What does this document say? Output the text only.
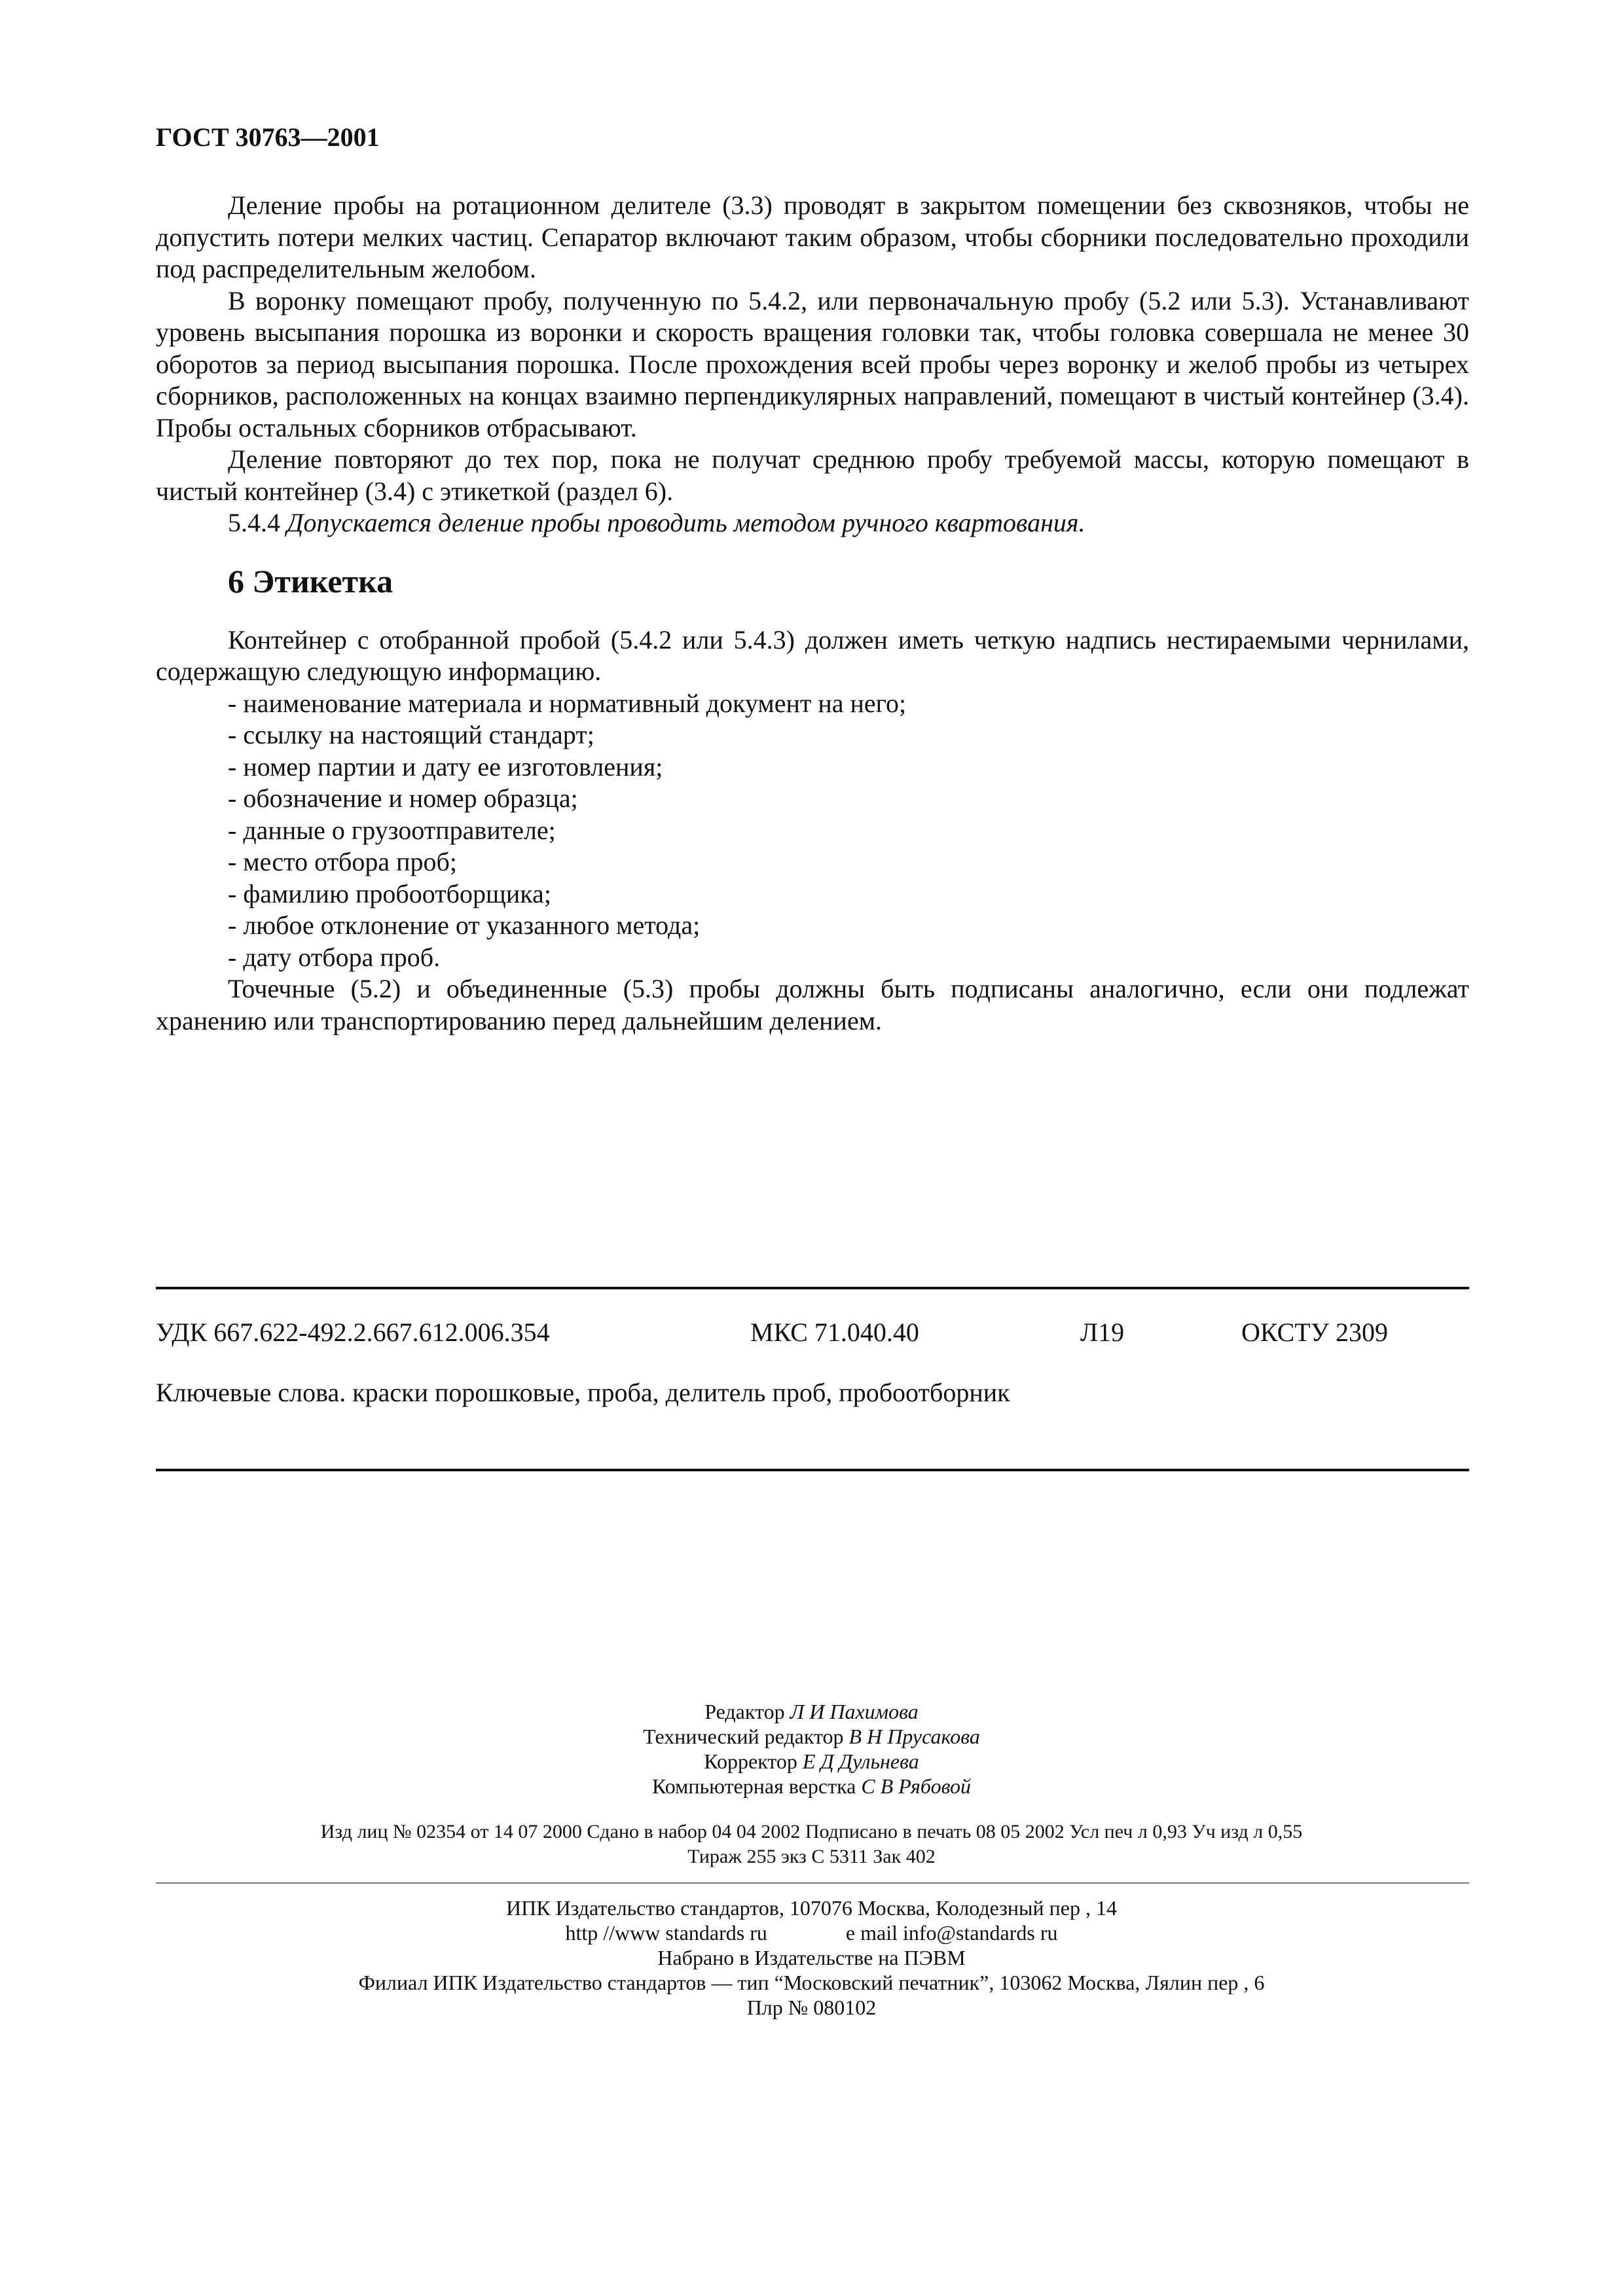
ГОСТ 30763—2001

Деление пробы на ротационном делителе (3.3) проводят в закрытом помещении без сквозняков, чтобы не допустить потери мелких частиц. Сепаратор включают таким образом, чтобы сборники последовательно проходили под распределительным желобом.

В воронку помещают пробу, полученную по 5.4.2, или первоначальную пробу (5.2 или 5.3). Устанавливают уровень высыпания порошка из воронки и скорость вращения головки так, чтобы головка совершала не менее 30 оборотов за период высыпания порошка. После прохождения всей пробы через воронку и желоб пробы из четырех сборников, расположенных на концах взаимно перпендикулярных направлений, помещают в чистый контейнер (3.4). Пробы остальных сборников отбрасывают.

Деление повторяют до тех пор, пока не получат среднюю пробу требуемой массы, которую помещают в чистый контейнер (3.4) с этикеткой (раздел 6).

5.4.4 Допускается деление пробы проводить методом ручного квартования.

6 Этикетка

Контейнер с отобранной пробой (5.4.2 или 5.4.3) должен иметь четкую надпись нестираемыми чернилами, содержащую следующую информацию.

- наименование материала и нормативный документ на него;

- ссылку на настоящий стандарт;

- номер партии и дату ее изготовления;

- обозначение и номер образца;

- данные о грузоотправителе;

- место отбора проб;

- фамилию пробоотборщика;

- любое отклонение от указанного метода;

- дату отбора проб.

Точечные (5.2) и объединенные (5.3) пробы должны быть подписаны аналогично, если они подлежат хранению или транспортированию перед дальнейшим делением.

УДК 667.622-492.2.667.612.006.354	МКС 71.040.40	Л19	ОКСТУ 2309
Ключевые слова. краски порошковые, проба, делитель проб, пробоотборник
Редактор Л И Пахимова
Технический редактор В Н Прусакова
Корректор Е Д Дульнева
Компьютерная верстка С В Рябовой
Изд лиц № 02354 от 14 07 2000 Сдано в набор 04 04 2002 Подписано в печать 08 05 2002 Усл печ л 0,93 Уч изд л 0,55
Тираж 255 экз С 5311 Зак 402
ИПК Издательство стандартов, 107076 Москва, Колодезный пер , 14
http //www standards ru	e mail info@standards ru
Набрано в Издательстве на ПЭВМ
Филиал ИПК Издательство стандартов — тип “Московский печатник”, 103062 Москва, Лялин пер , 6
Плр № 080102
